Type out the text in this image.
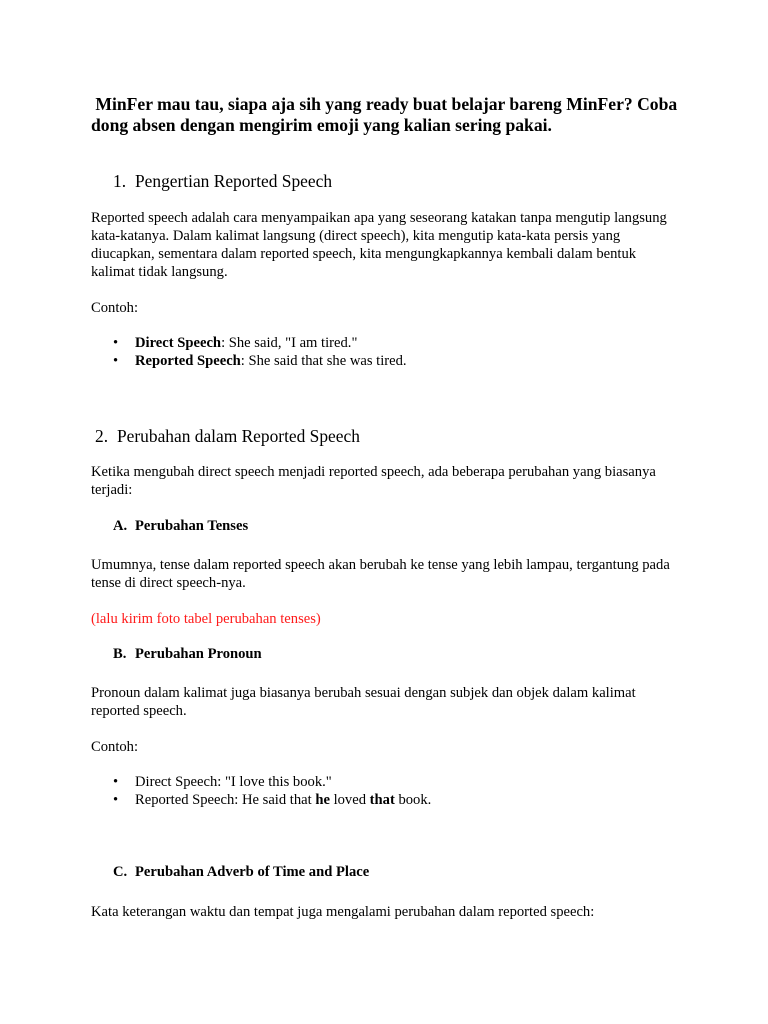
MinFer mau tau, siapa aja sih yang ready buat belajar bareng MinFer? Coba dong absen dengan mengirim emoji yang kalian sering pakai.

1. Pengertian Reported Speech

Reported speech adalah cara menyampaikan apa yang seseorang katakan tanpa mengutip langsung kata-katanya. Dalam kalimat langsung (direct speech), kita mengutip kata-kata persis yang diucapkan, sementara dalam reported speech, kita mengungkapkannya kembali dalam bentuk kalimat tidak langsung.

Contoh:

• Direct Speech: She said, "I am tired."
• Reported Speech: She said that she was tired.
2. Perubahan dalam Reported Speech

Ketika mengubah direct speech menjadi reported speech, ada beberapa perubahan yang biasanya terjadi:

A. Perubahan Tenses

Umumnya, tense dalam reported speech akan berubah ke tense yang lebih lampau, tergantung pada tense di direct speech-nya.

(lalu kirim foto tabel perubahan tenses)

B. Perubahan Pronoun

Pronoun dalam kalimat juga biasanya berubah sesuai dengan subjek dan objek dalam kalimat reported speech.

Contoh:

• Direct Speech: "I love this book."
• Reported Speech: He said that he loved that book.
C. Perubahan Adverb of Time and Place

Kata keterangan waktu dan tempat juga mengalami perubahan dalam reported speech:
